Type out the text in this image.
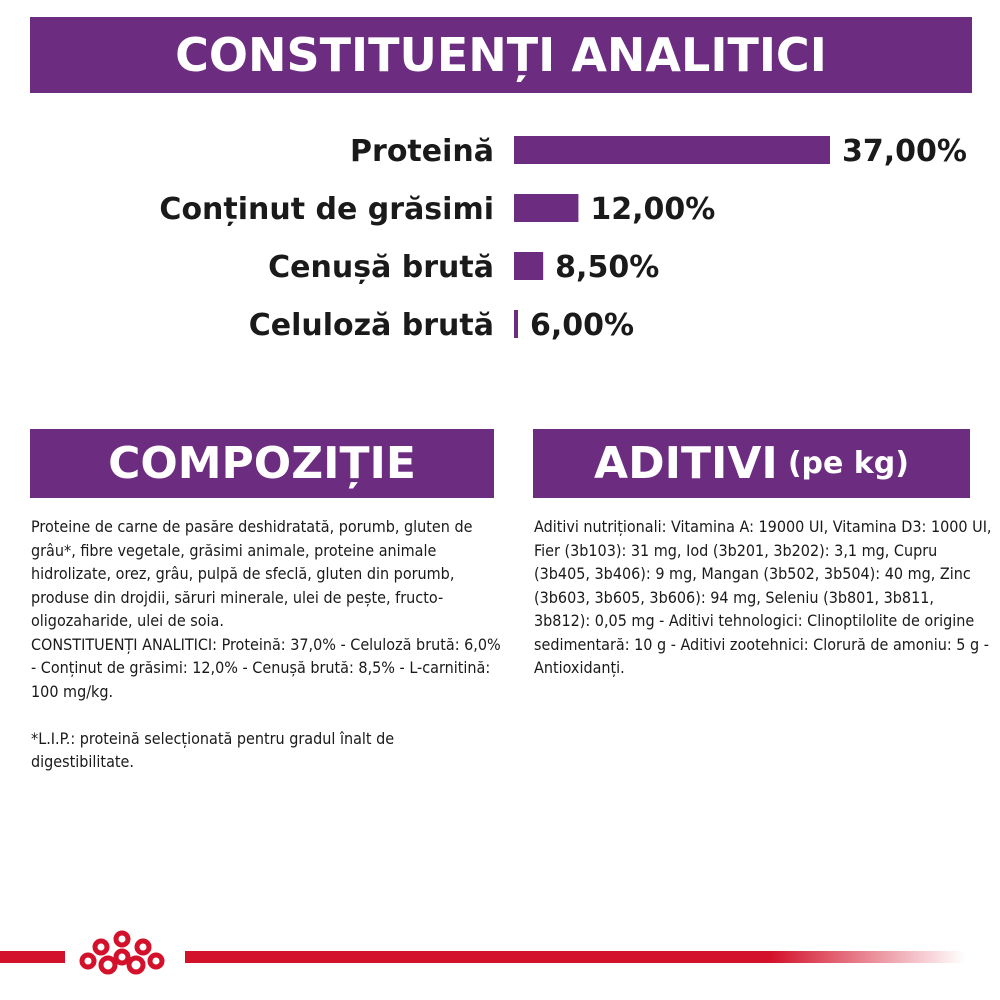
CONSTITUENȚI ANALITICI
Proteină	37,00%
Conținut de grăsimi	12,00%
Cenușă brută 8,50%
Celuloză brută 6,00%
COMPOZIȚIE	ADITIVI (pe kg)
Proteine de carne de pasăre deshidratată, porumb, gluten de grâu*, fibre vegetale, grăsimi animale, proteine animale hidrolizate, orez, grâu, pulpă de sfeclă, gluten din porumb, produse din drojdii, săruri minerale, ulei de pește, fructo-oligozaharide, ulei de soia.
CONSTITUENȚI ANALITICI: Proteină: 37,0% - Celuloză brută: 6,0% - Conținut de grăsimi: 12,0% - Cenușă brută: 8,5% - L-carnitină: 100 mg/kg.

*L.I.P.: proteină selecționată pentru gradul înalt de digestibilitate.
Aditivi nutriționali: Vitamina A: 19000 UI, Vitamina D3: 1000 UI, Fier (3b103): 31 mg, Iod (3b201, 3b202): 3,1 mg, Cupru (3b405, 3b406): 9 mg, Mangan (3b502, 3b504): 40 mg, Zinc (3b603, 3b605, 3b606): 94 mg, Seleniu (3b801, 3b811, 3b812): 0,05 mg - Aditivi tehnologici: Clinoptilolite de origine sedimentară: 10 g - Aditivi zootehnici: Clorură de amoniu: 5 g - Antioxidanți.
